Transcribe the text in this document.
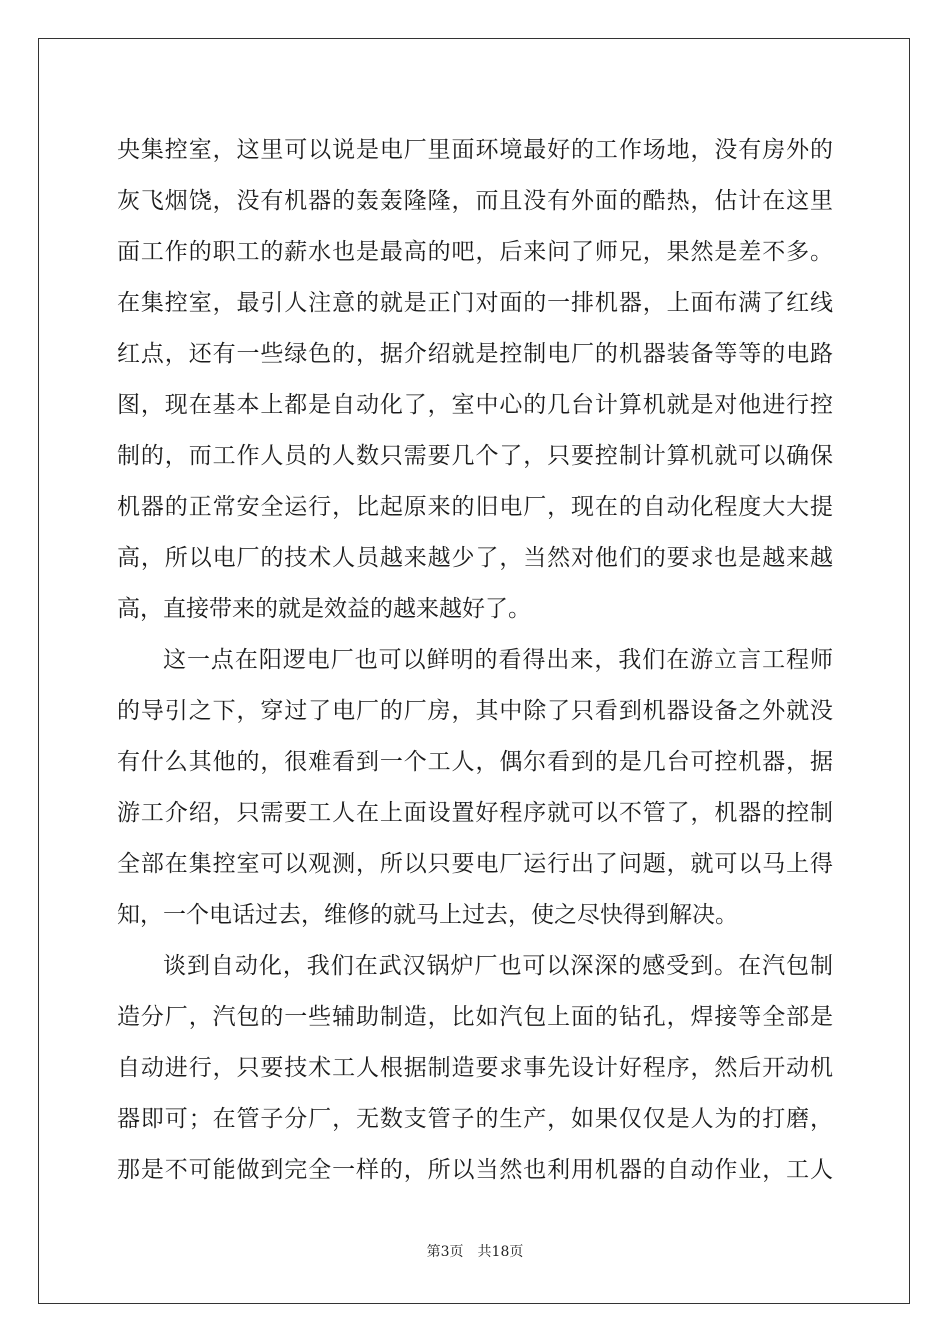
央集控室，这里可以说是电厂里面环境最好的工作场地，没有房外的
灰飞烟饶，没有机器的轰轰隆隆，而且没有外面的酷热，估计在这里
面工作的职工的薪水也是最高的吧，后来问了师兄，果然是差不多。
在集控室，最引人注意的就是正门对面的一排机器，上面布满了红线
红点，还有一些绿色的，据介绍就是控制电厂的机器装备等等的电路
图，现在基本上都是自动化了，室中心的几台计算机就是对他进行控
制的，而工作人员的人数只需要几个了，只要控制计算机就可以确保
机器的正常安全运行，比起原来的旧电厂，现在的自动化程度大大提
高，所以电厂的技术人员越来越少了，当然对他们的要求也是越来越
高，直接带来的就是效益的越来越好了。
这一点在阳逻电厂也可以鲜明的看得出来，我们在游立言工程师
的导引之下，穿过了电厂的厂房，其中除了只看到机器设备之外就没
有什么其他的，很难看到一个工人，偶尔看到的是几台可控机器，据
游工介绍，只需要工人在上面设置好程序就可以不管了，机器的控制
全部在集控室可以观测，所以只要电厂运行出了问题，就可以马上得
知，一个电话过去，维修的就马上过去，使之尽快得到解决。
谈到自动化，我们在武汉锅炉厂也可以深深的感受到。在汽包制
造分厂，汽包的一些辅助制造，比如汽包上面的钻孔，焊接等全部是
自动进行，只要技术工人根据制造要求事先设计好程序，然后开动机
器即可；在管子分厂，无数支管子的生产，如果仅仅是人为的打磨，
那是不可能做到完全一样的，所以当然也利用机器的自动作业，工人
第3页 共18页
